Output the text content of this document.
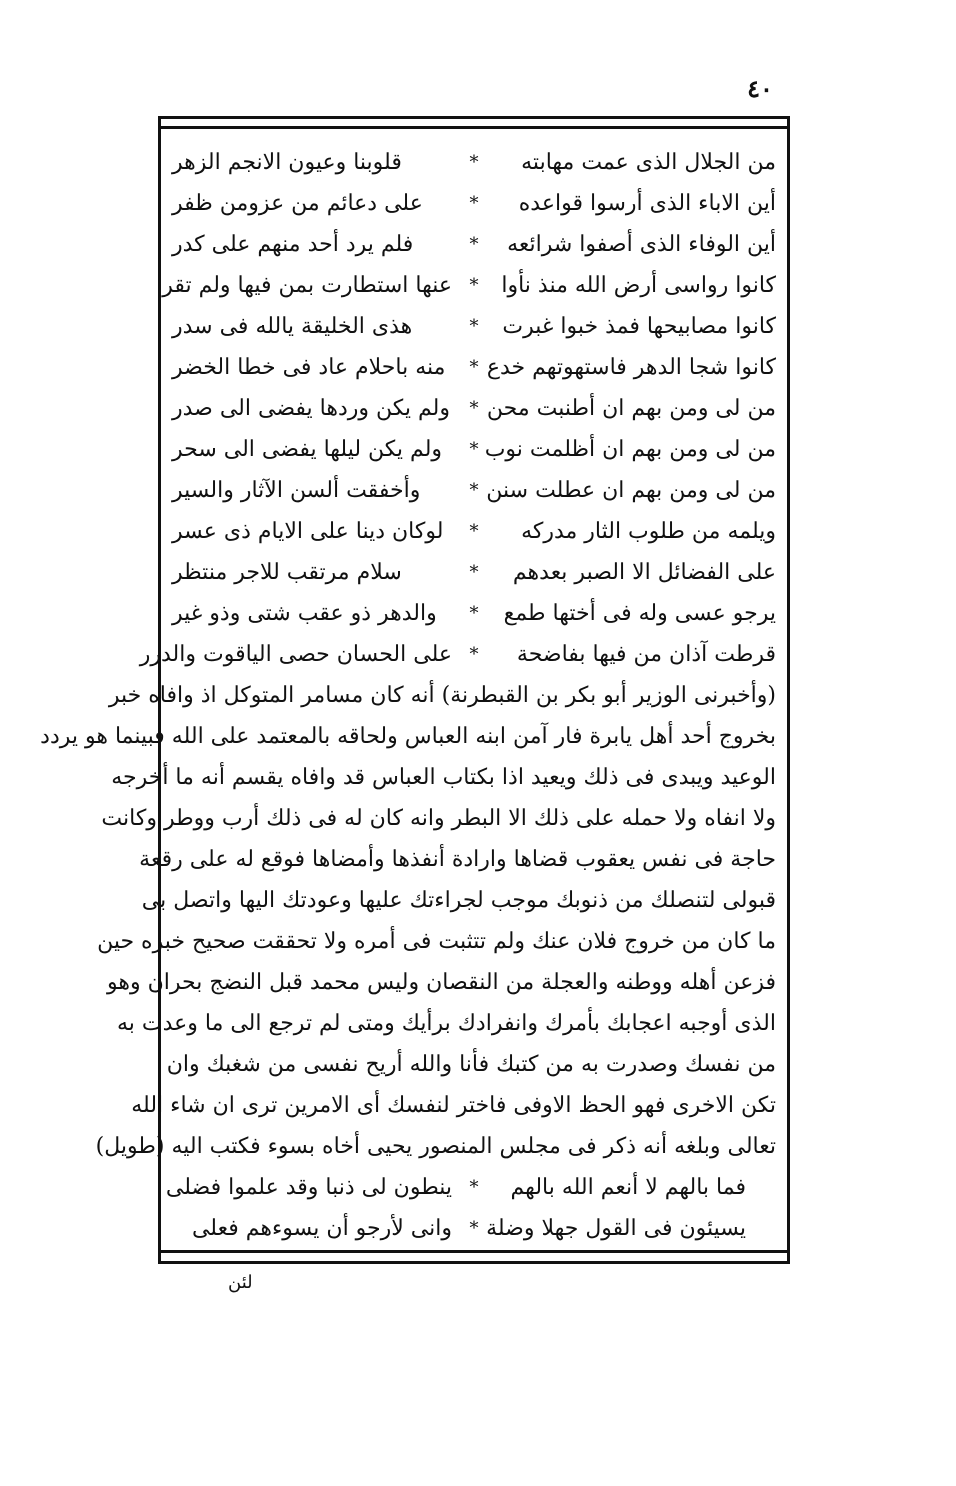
٤٠
من الجلال الذى عمت مهابته
*
قلوبنا وعيون الانجم الزهر
أين الاباء الذى أرسوا قواعده
*
على دعائم من عزومن ظفر
أين الوفاء الذى أصفوا شرائعه
*
فلم يرد أحد منهم على كدر
كانوا رواسى أرض الله منذ نأوا
*
عنها استطارت بمن فيها ولم تقر
كانوا مصابيحها فمذ خبوا غبرت
*
هذى الخليقة يالله فى سدر
كانوا شجا الدهر فاستهوتهم خدع
*
منه باحلام عاد فى خطا الخضر
من لى ومن بهم ان أطنبت محن
*
ولم يكن وردها يفضى الى صدر
من لى ومن بهم ان أظلمت نوب
*
ولم يكن ليلها يفضى الى سحر
من لى ومن بهم ان عطلت سنن
*
وأخفقت ألسن الآثار والسير
ويلمه من طلوب الثار مدركه
*
لوكان دينا على الايام ذى عسر
على الفضائل الا الصبر بعدهم
*
سلام مرتقب للاجر منتظر
يرجو عسى وله فى أختها طمع
*
والدهر ذو عقب شتى وذو غير
قرطت آذان من فيها بفاضحة
*
على الحسان حصى الياقوت والدرر
(وأخبرنى الوزير أبو بكر بن القبطرنة) أنه كان مسامر المتوكل اذ وافاه خبر
بخروج أحد أهل يابرة فار آمن ابنه العباس ولحاقه بالمعتمد على الله فبينما هو يردد
الوعيد ويبدى فى ذلك ويعيد اذا بكتاب العباس قد وافاه يقسم أنه ما أخرجه
ولا انفاه ولا حمله على ذلك الا البطر وانه كان له فى ذلك أرب ووطر وكانت
حاجة فى نفس يعقوب قضاها وارادة أنفذها وأمضاها فوقع له على رقعة
قبولى لتنصلك من ذنوبك موجب لجراءتك عليها وعودتك اليها واتصل بى
ما كان من خروج فلان عنك ولم تتثبت فى أمره ولا تحققت صحيح خبره حين
فزعن أهله ووطنه والعجلة من النقصان وليس محمد قبل النضج بحران وهو
الذى أوجبه اعجابك بأمرك وانفرادك برأيك ومتى لم ترجع الى ما وعدت به
من نفسك وصدرت به من كتبك فأنا والله أريح نفسى من شغبك وان
تكن الاخرى فهو الحظ الاوفى فاختر لنفسك أى الامرين ترى ان شاء الله
تعالى وبلغه أنه ذكر فى مجلس المنصور يحيى أخاه بسوء فكتب اليه (طويل)
فما بالهم لا أنعم الله بالهم
*
ينطون لى ذنبا وقد علموا فضلى
يسيئون فى القول جهلا وضلة
*
وانى لأرجو أن يسوءهم فعلى
لئن
